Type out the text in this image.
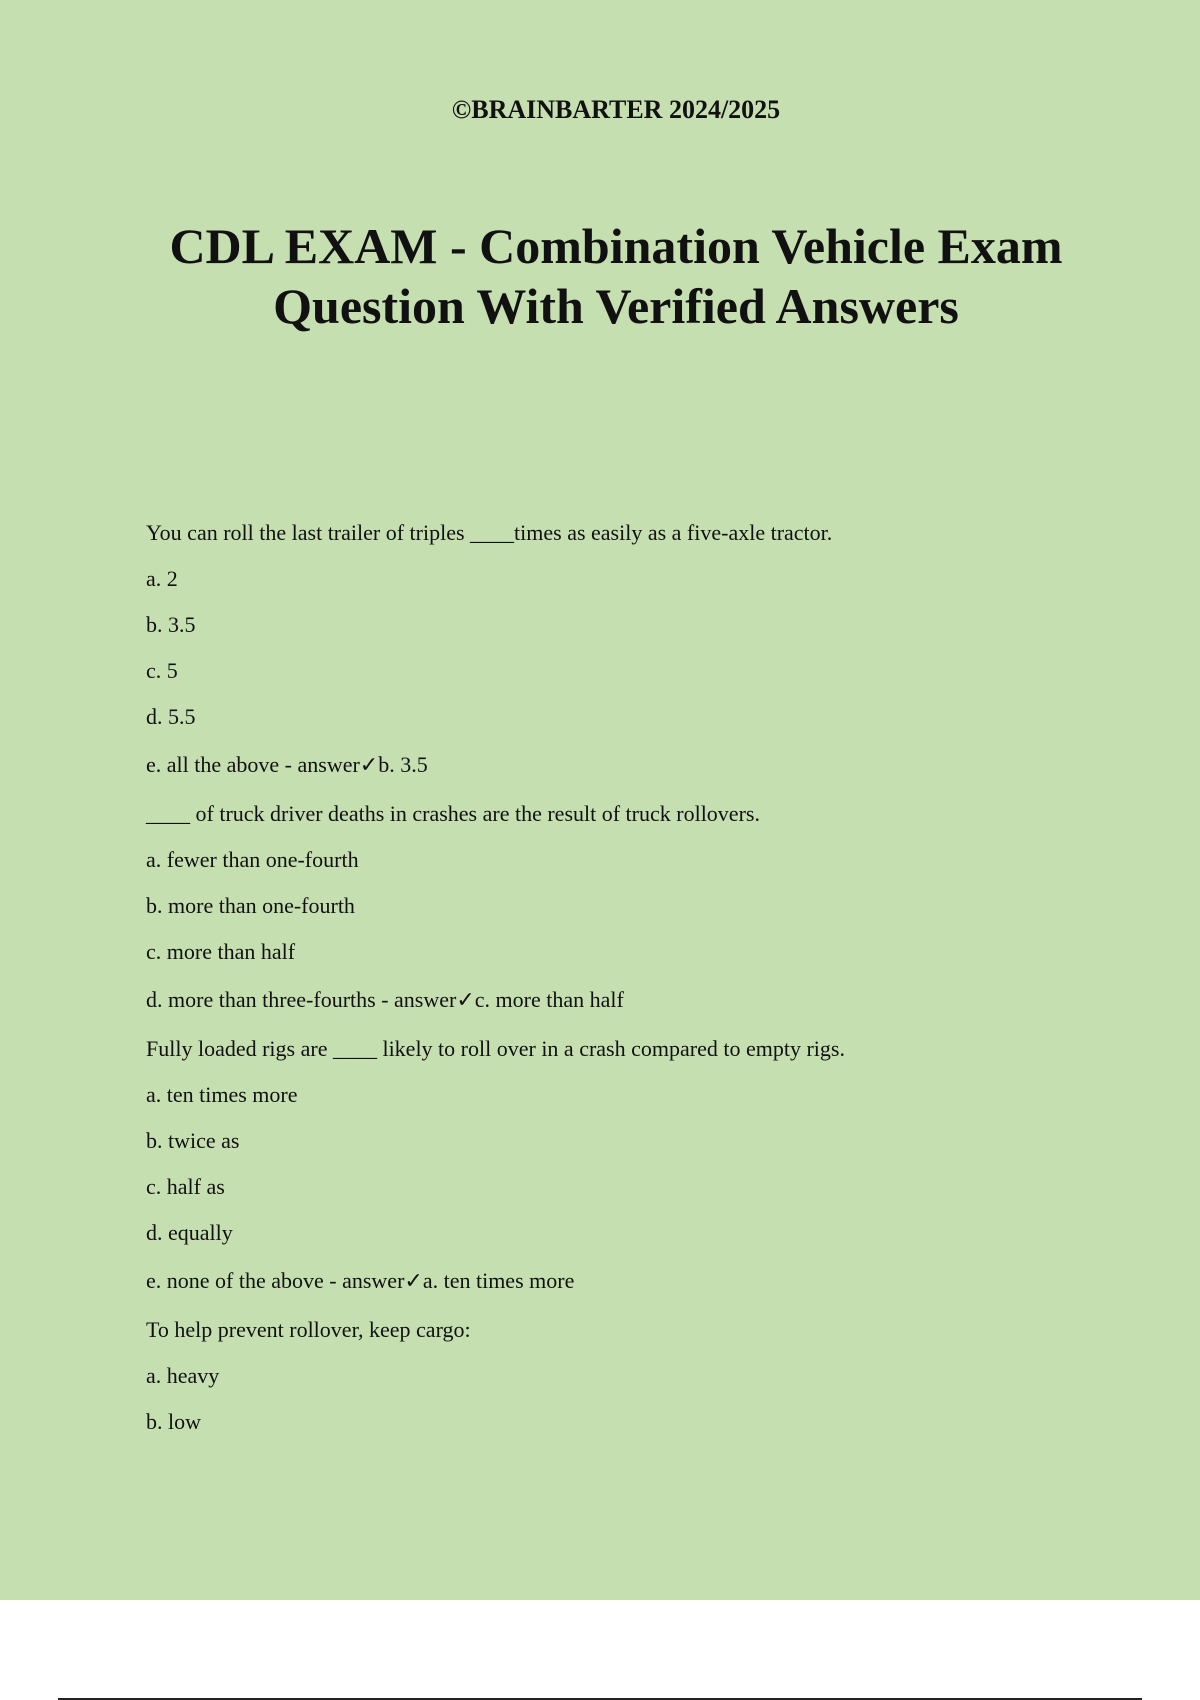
©BRAINBARTER 2024/2025
CDL EXAM - Combination Vehicle Exam
Question With Verified Answers
You can roll the last trailer of triples ____times as easily as a five-axle tractor.
a. 2
b. 3.5
c. 5
d. 5.5
e. all the above - answer✓b. 3.5
____ of truck driver deaths in crashes are the result of truck rollovers.
a. fewer than one-fourth
b. more than one-fourth
c. more than half
d. more than three-fourths - answer✓c. more than half
Fully loaded rigs are ____ likely to roll over in a crash compared to empty rigs.
a. ten times more
b. twice as
c. half as
d. equally
e. none of the above - answer✓a. ten times more
To help prevent rollover, keep cargo:
a. heavy
b. low
